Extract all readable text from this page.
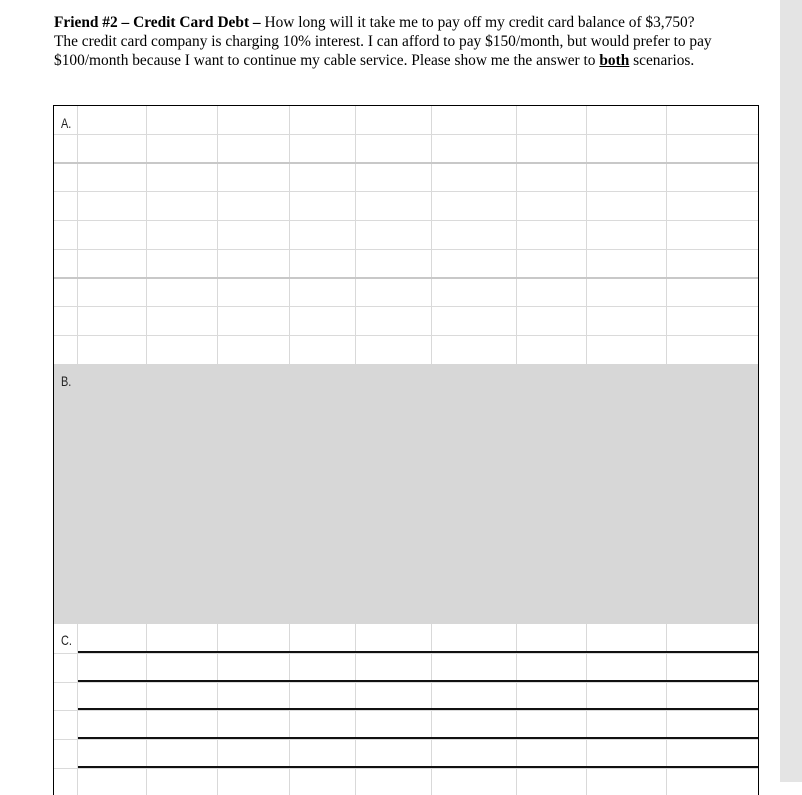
Friend #2 – Credit Card Debt – How long will it take me to pay off my credit card balance of $3,750? The credit card company is charging 10% interest. I can afford to pay $150/month, but would prefer to pay $100/month because I want to continue my cable service. Please show me the answer to both scenarios.
A.
B.
C.
